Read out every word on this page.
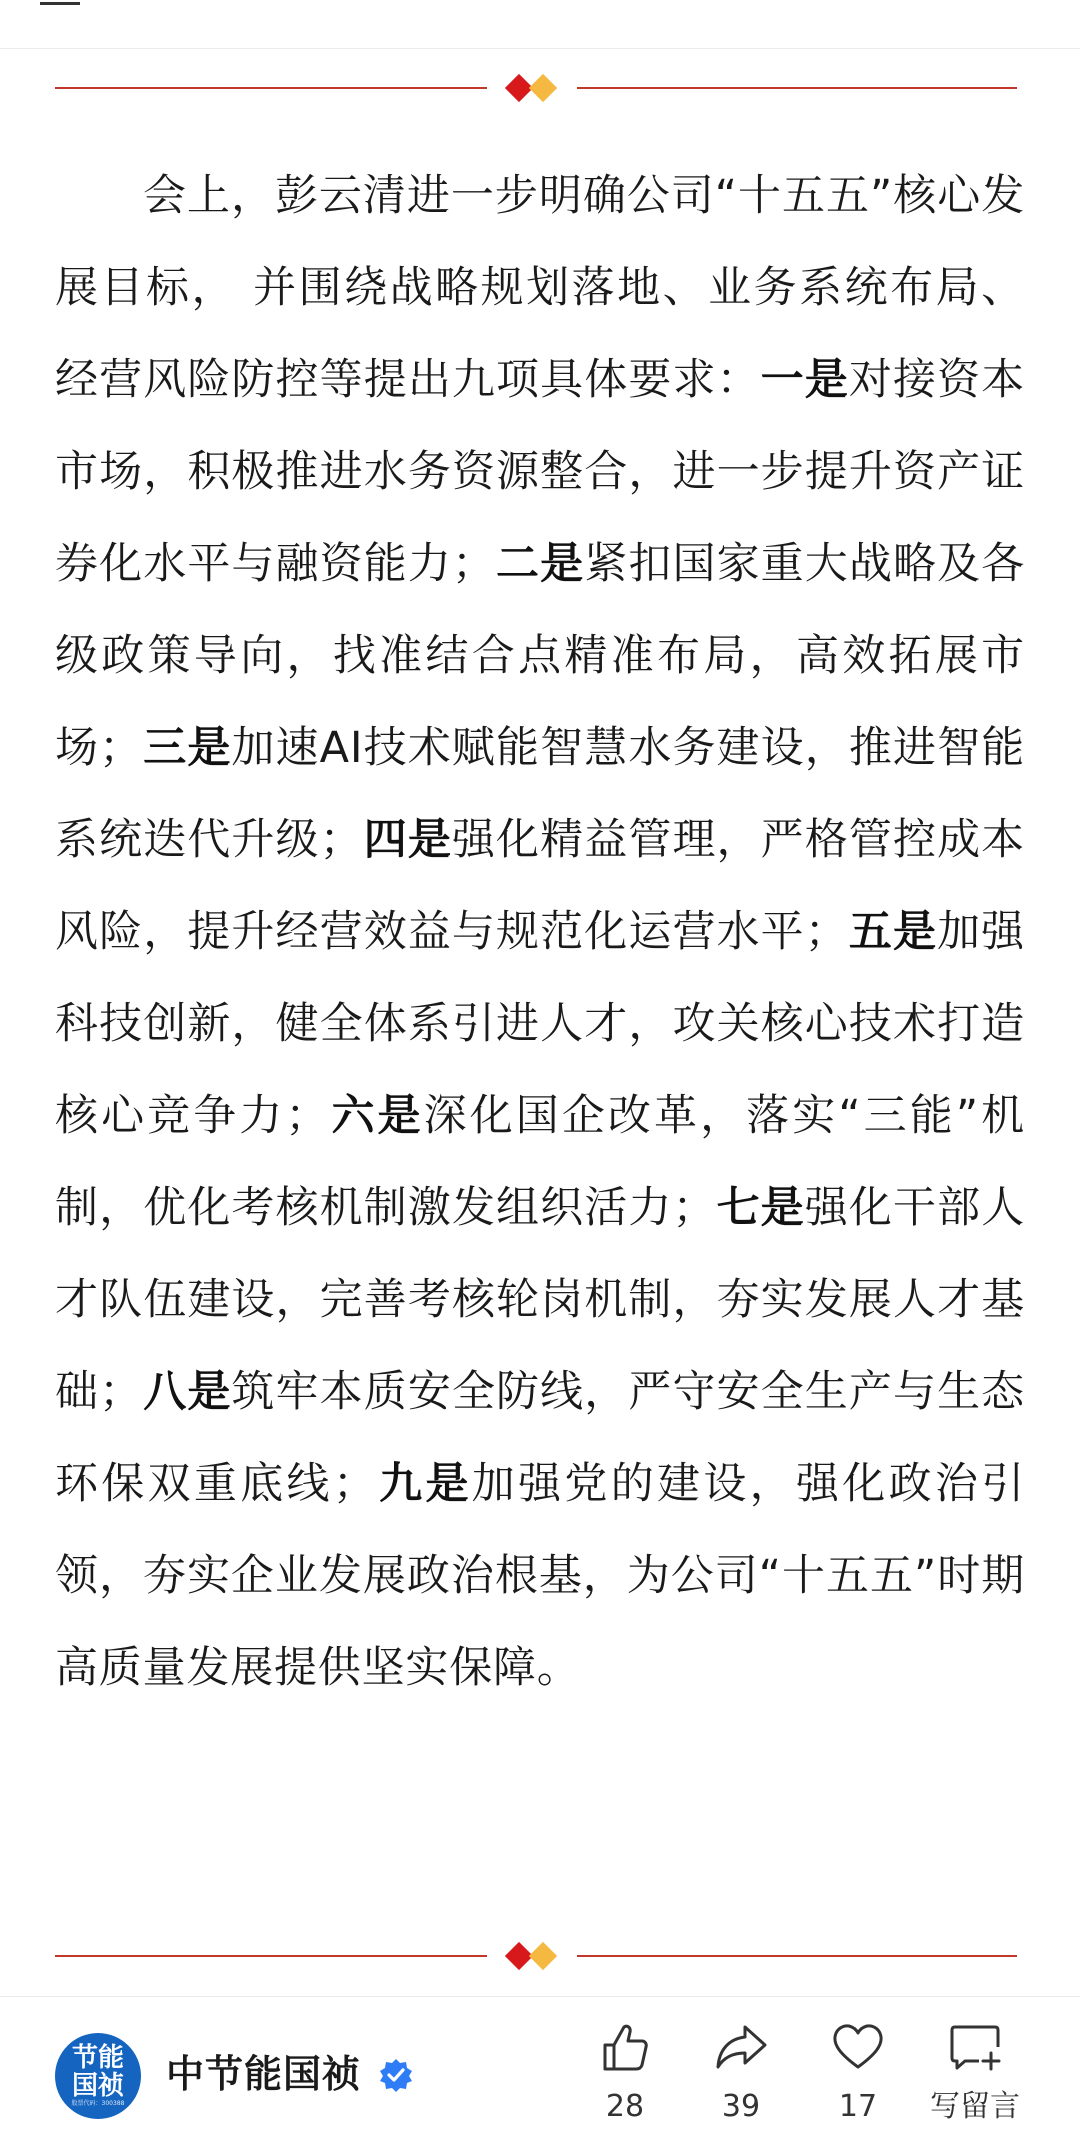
会上，彭云清进一步明确公司“十五五”核心发展目标， 并围绕战略规划落地、业务系统布局、经营风险防控等提出九项具体要求：一是对接资本市场，积极推进水务资源整合，进一步提升资产证券化水平与融资能力；二是紧扣国家重大战略及各级政策导向，找准结合点精准布局，高效拓展市场；三是加速AI技术赋能智慧水务建设，推进智能系统迭代升级；四是强化精益管理，严格管控成本风险，提升经营效益与规范化运营水平；五是加强科技创新，健全体系引进人才，攻关核心技术打造核心竞争力；六是深化国企改革，落实“三能”机制，优化考核机制激发组织活力；七是强化干部人才队伍建设，完善考核轮岗机制，夯实发展人才基础；八是筑牢本质安全防线，严守安全生产与生态环保双重底线；九是加强党的建设，强化政治引领，夯实企业发展政治根基，为公司“十五五”时期高质量发展提供坚实保障。

节能
国祯
股票代码：300388
中节能国祯
28	39	17	写留言
